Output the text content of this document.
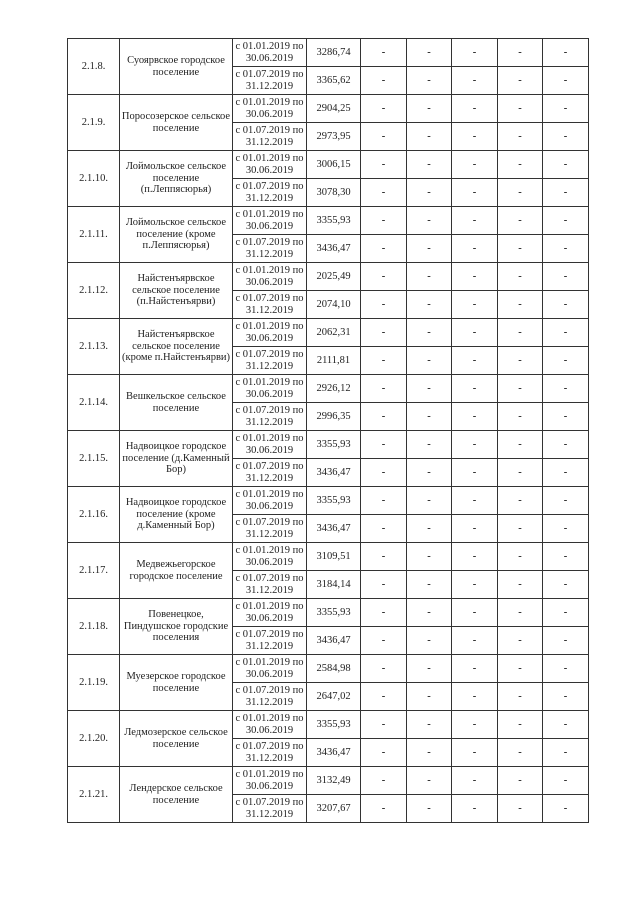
2.1.8.	Суоярвское городское поселение	с 01.01.2019 по 30.06.2019	3286,74	-	-	-	-	-
		с 01.07.2019 по 31.12.2019	3365,62	-	-	-	-	-
2.1.9.	Поросозерское сельское поселение	с 01.01.2019 по 30.06.2019	2904,25	-	-	-	-	-
		с 01.07.2019 по 31.12.2019	2973,95	-	-	-	-	-
2.1.10.	Лоймольское сельское поселение (п.Леппясюрья)	с 01.01.2019 по 30.06.2019	3006,15	-	-	-	-	-
		с 01.07.2019 по 31.12.2019	3078,30	-	-	-	-	-
2.1.11.	Лоймольское сельское поселение (кроме п.Леппясюрья)	с 01.01.2019 по 30.06.2019	3355,93	-	-	-	-	-
		с 01.07.2019 по 31.12.2019	3436,47	-	-	-	-	-
2.1.12.	Найстенъярвское сельское поселение (п.Найстенъярви)	с 01.01.2019 по 30.06.2019	2025,49	-	-	-	-	-
		с 01.07.2019 по 31.12.2019	2074,10	-	-	-	-	-
2.1.13.	Найстенъярвское сельское поселение (кроме п.Найстенъярви)	с 01.01.2019 по 30.06.2019	2062,31	-	-	-	-	-
		с 01.07.2019 по 31.12.2019	2111,81	-	-	-	-	-
2.1.14.	Вешкельское сельское поселение	с 01.01.2019 по 30.06.2019	2926,12	-	-	-	-	-
		с 01.07.2019 по 31.12.2019	2996,35	-	-	-	-	-
2.1.15.	Надвоицкое городское поселение (д.Каменный Бор)	с 01.01.2019 по 30.06.2019	3355,93	-	-	-	-	-
		с 01.07.2019 по 31.12.2019	3436,47	-	-	-	-	-
2.1.16.	Надвоицкое городское поселение (кроме д.Каменный Бор)	с 01.01.2019 по 30.06.2019	3355,93	-	-	-	-	-
		с 01.07.2019 по 31.12.2019	3436,47	-	-	-	-	-
2.1.17.	Медвежьегорское городское поселение	с 01.01.2019 по 30.06.2019	3109,51	-	-	-	-	-
		с 01.07.2019 по 31.12.2019	3184,14	-	-	-	-	-
2.1.18.	Повенецкое, Пиндушское городские поселения	с 01.01.2019 по 30.06.2019	3355,93	-	-	-	-	-
		с 01.07.2019 по 31.12.2019	3436,47	-	-	-	-	-
2.1.19.	Муезерское городское поселение	с 01.01.2019 по 30.06.2019	2584,98	-	-	-	-	-
		с 01.07.2019 по 31.12.2019	2647,02	-	-	-	-	-
2.1.20.	Ледмозерское сельское поселение	с 01.01.2019 по 30.06.2019	3355,93	-	-	-	-	-
		с 01.07.2019 по 31.12.2019	3436,47	-	-	-	-	-
2.1.21.	Лендерское сельское поселение	с 01.01.2019 по 30.06.2019	3132,49	-	-	-	-	-
		с 01.07.2019 по 31.12.2019	3207,67	-	-	-	-	-
